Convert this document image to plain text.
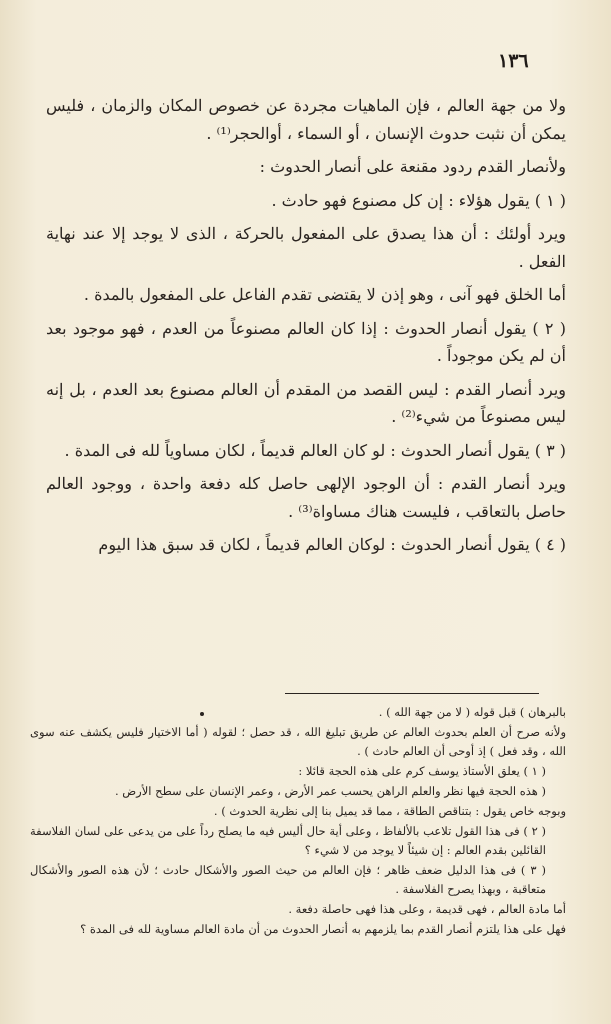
١٣٦

ولا من جهة العالم ، فإن الماهيات مجردة عن خصوص المكان والزمان ، فليس يمكن أن نثبت حدوث الإنسان ، أو السماء ، أوالحجر⁽¹⁾ .

ولأنصار القدم ردود مقنعة على أنصار الحدوث :

( ١ ) يقول هؤلاء : إن كل مصنوع فهو حادث .

ويرد أولئك : أن هذا يصدق على المفعول بالحركة ، الذى لا يوجد إلا عند نهاية الفعل .

أما الخلق فهو آنى ، وهو إذن لا يقتضى تقدم الفاعل على المفعول بالمدة .

( ٢ ) يقول أنصار الحدوث : إذا كان العالم مصنوعاً من العدم ، فهو موجود بعد أن لم يكن موجوداً .

ويرد أنصار القدم : ليس القصد من المقدم أن العالم مصنوع بعد العدم ، بل إنه ليس مصنوعاً من شيء⁽²⁾ .

( ٣ ) يقول أنصار الحدوث : لو كان العالم قديماً ، لكان مساوياً لله فى المدة .

ويرد أنصار القدم : أن الوجود الإلهى حاصل كله دفعة واحدة ، ووجود العالم حاصل بالتعاقب ، فليست هناك مساواة⁽³⁾ .

( ٤ ) يقول أنصار الحدوث : لوكان العالم قديماً ، لكان قد سبق هذا اليوم

بالبرهان ) قبل قوله ( لا من جهة الله ) .

ولأنه صرح أن العلم بحدوث العالم عن طريق تبليغ الله ، قد حصل ؛ لقوله ( أما الاختيار فليس يكشف عنه سوى الله ، وقد فعل ) إذ أوحى أن العالم حادث ) .

( ١ ) يعلق الأستاذ يوسف كرم على هذه الحجة قائلا :

( هذه الحجة فيها نظر والعلم الراهن يحسب عمر الأرض ، وعمر الإنسان على سطح الأرض .

وبوجه خاص يقول : بتناقص الطاقة ، مما قد يميل بنا إلى نظرية الحدوث ) .

( ٢ ) فى هذا القول تلاعب بالألفاظ ، وعلى أية حال أليس فيه ما يصلح رداً على من يدعى على لسان الفلاسفة القائلين بقدم العالم : إن شيئاً لا يوجد من لا شيء ؟

( ٣ ) فى هذا الدليل ضعف ظاهر ؛ فإن العالم من حيث الصور والأشكال حادث ؛ لأن هذه الصور والأشكال متعاقبة ، وبهذا يصرح الفلاسفة .

أما مادة العالم ، فهى قديمة ، وعلى هذا فهى حاصلة دفعة .

فهل على هذا يلتزم أنصار القدم بما يلزمهم به أنصار الحدوث من أن مادة العالم مساوية لله فى المدة ؟
